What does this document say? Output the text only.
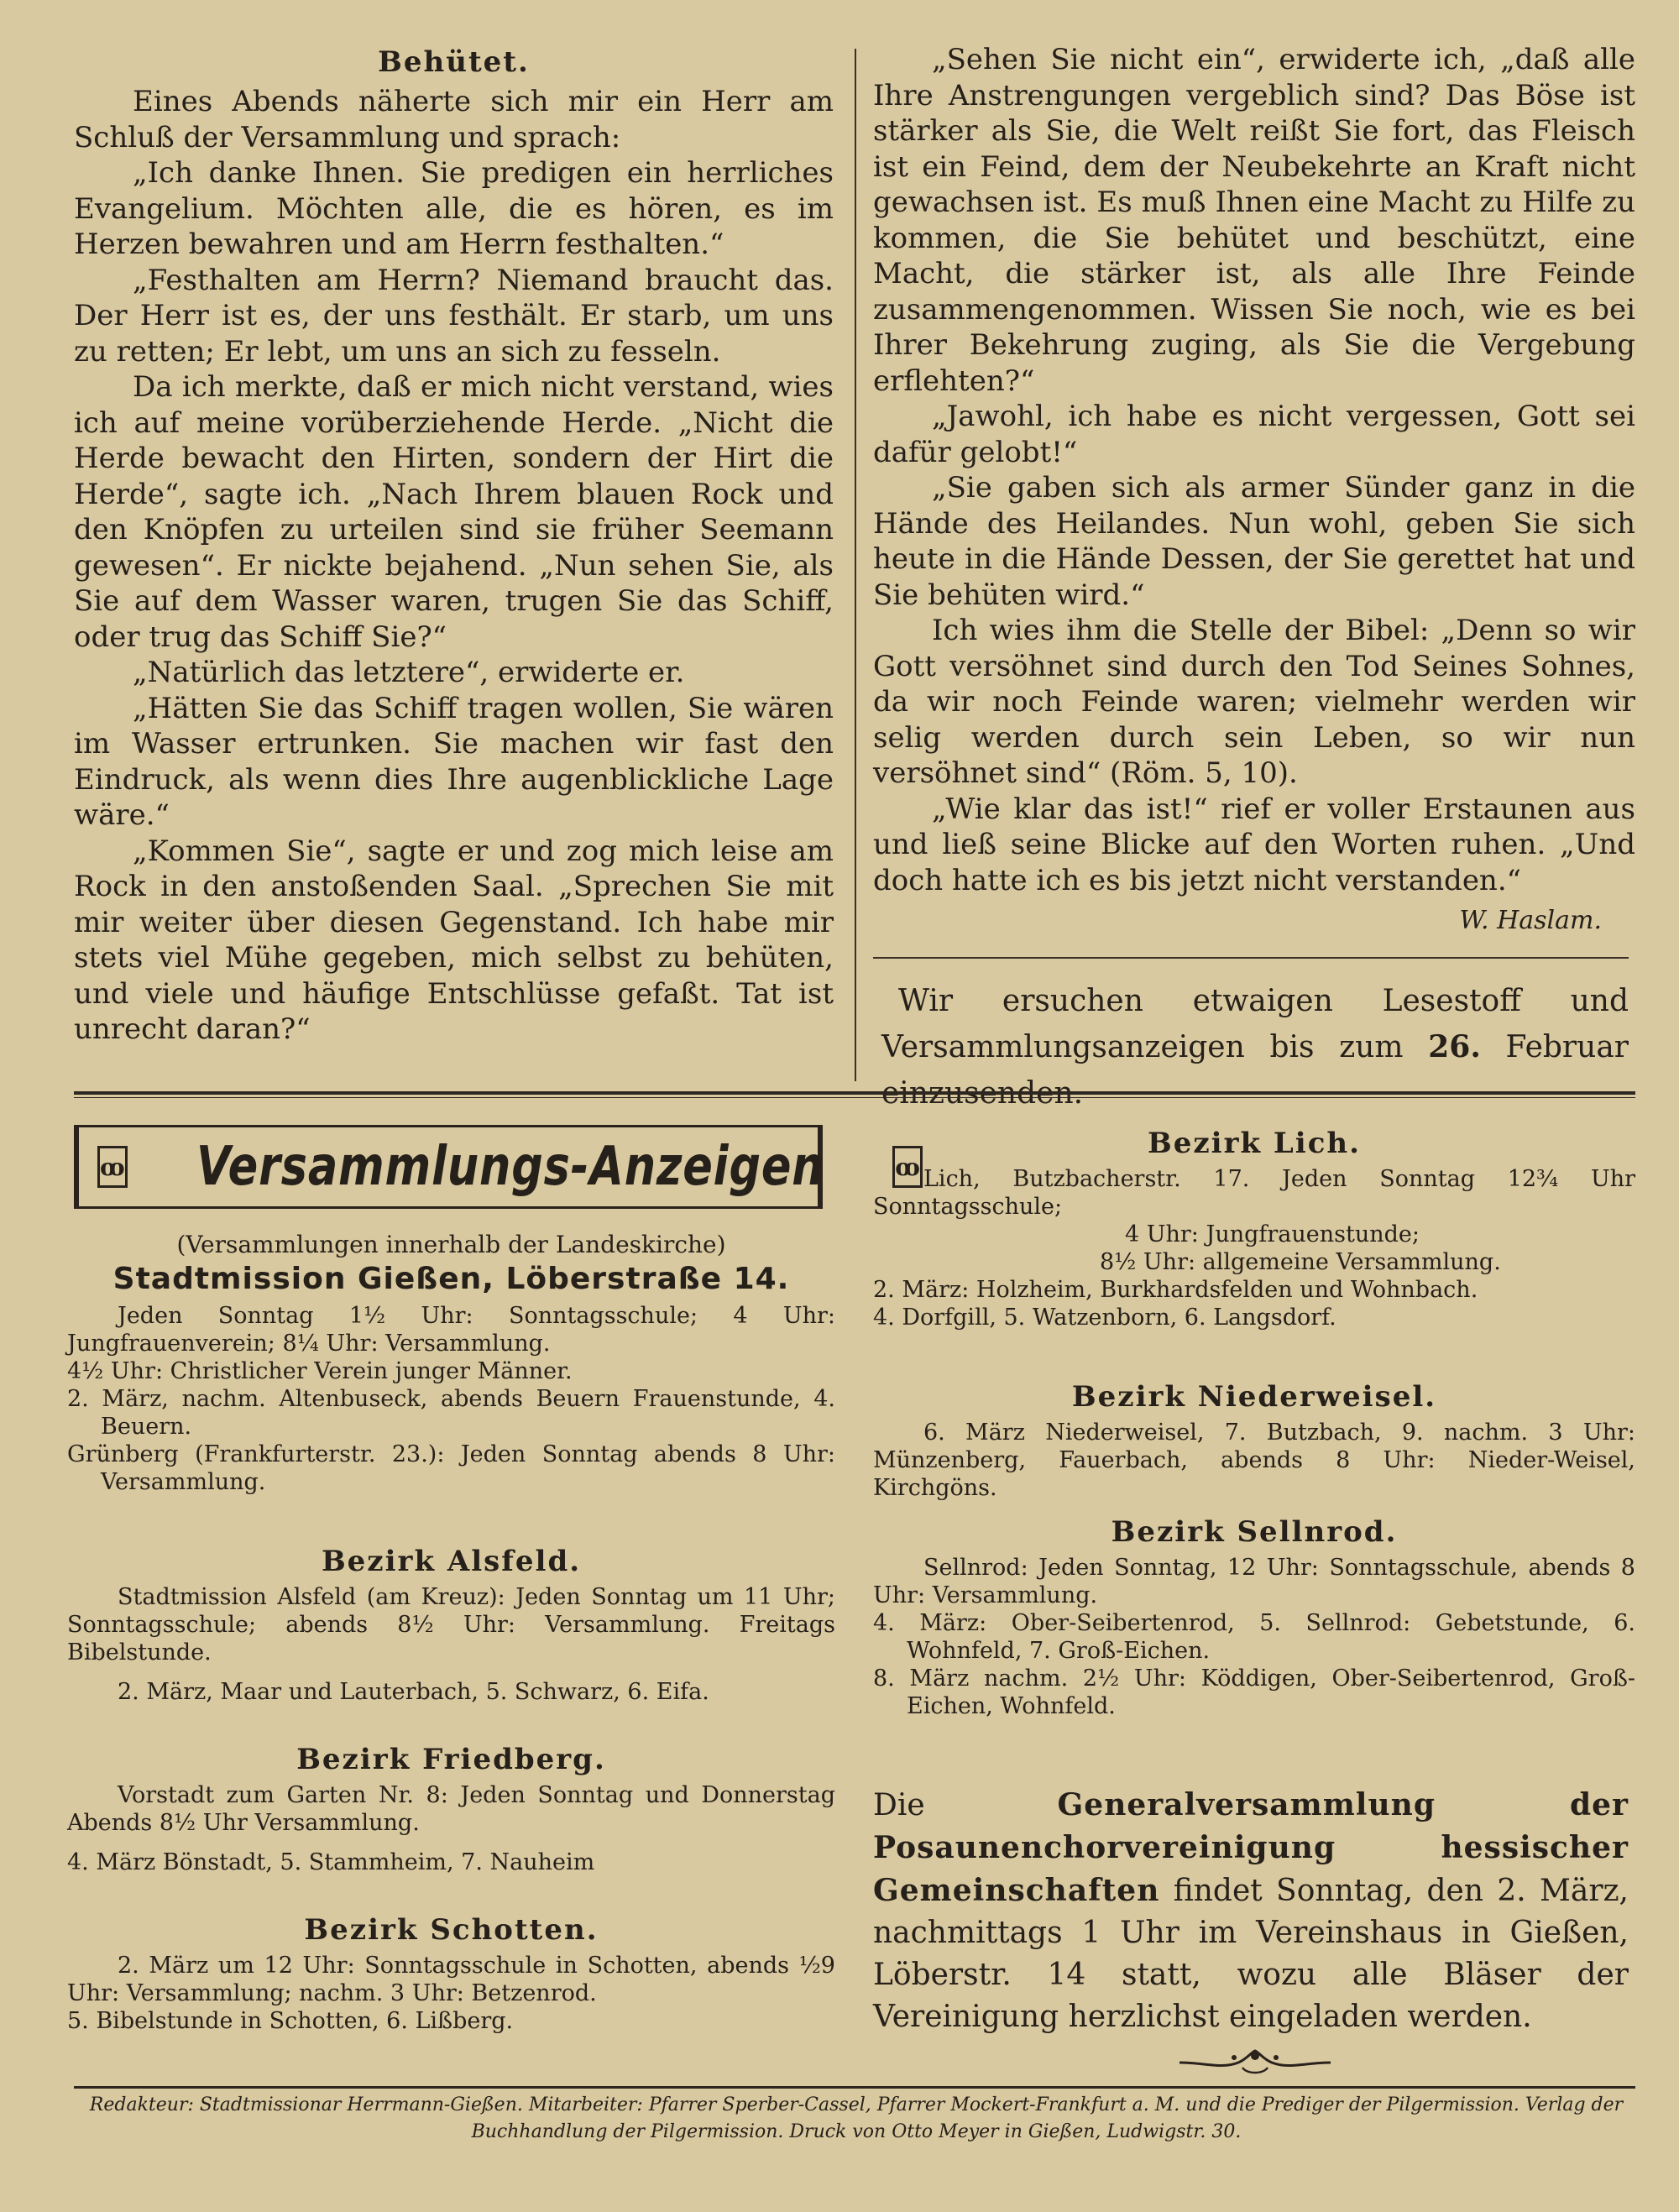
Behütet.

Eines Abends näherte sich mir ein Herr am Schluß der Versammlung und sprach:

„Ich danke Ihnen. Sie predigen ein herrliches Evangelium. Möchten alle, die es hören, es im Herzen bewahren und am Herrn festhalten.“

„Festhalten am Herrn? Niemand braucht das. Der Herr ist es, der uns festhält. Er starb, um uns zu retten; Er lebt, um uns an sich zu fesseln.

Da ich merkte, daß er mich nicht verstand, wies ich auf meine vorüberziehende Herde. „Nicht die Herde bewacht den Hirten, sondern der Hirt die Herde“, sagte ich. „Nach Ihrem blauen Rock und den Knöpfen zu urteilen sind sie früher Seemann gewesen“. Er nickte bejahend. „Nun sehen Sie, als Sie auf dem Wasser waren, trugen Sie das Schiff, oder trug das Schiff Sie?“

„Natürlich das letztere“, erwiderte er.

„Hätten Sie das Schiff tragen wollen, Sie wären im Wasser ertrunken. Sie machen wir fast den Eindruck, als wenn dies Ihre augenblickliche Lage wäre.“

„Kommen Sie“, sagte er und zog mich leise am Rock in den anstoßenden Saal. „Sprechen Sie mit mir weiter über diesen Gegenstand. Ich habe mir stets viel Mühe gegeben, mich selbst zu behüten, und viele und häufige Entschlüsse gefaßt. Tat ist unrecht daran?“

„Sehen Sie nicht ein“, erwiderte ich, „daß alle Ihre Anstrengungen vergeblich sind? Das Böse ist stärker als Sie, die Welt reißt Sie fort, das Fleisch ist ein Feind, dem der Neubekehrte an Kraft nicht gewachsen ist. Es muß Ihnen eine Macht zu Hilfe zu kommen, die Sie behütet und beschützt, eine Macht, die stärker ist, als alle Ihre Feinde zusammengenommen. Wissen Sie noch, wie es bei Ihrer Bekehrung zuging, als Sie die Vergebung erflehten?“

„Jawohl, ich habe es nicht vergessen, Gott sei dafür gelobt!“

„Sie gaben sich als armer Sünder ganz in die Hände des Heilandes. Nun wohl, geben Sie sich heute in die Hände Dessen, der Sie gerettet hat und Sie behüten wird.“

Ich wies ihm die Stelle der Bibel: „Denn so wir Gott versöhnet sind durch den Tod Seines Sohnes, da wir noch Feinde waren; vielmehr werden wir selig werden durch sein Leben, so wir nun versöhnet sind“ (Röm. 5, 10).

„Wie klar das ist!“ rief er voller Erstaunen aus und ließ seine Blicke auf den Worten ruhen. „Und doch hatte ich es bis jetzt nicht verstanden.“

W. Haslam.

Wir ersuchen etwaigen Lesestoff und Versammlungsanzeigen bis zum 26. Februar

ꝏ Versammlungs-Anzeigen	ꝏ

(Versammlungen innerhalb der Landeskirche)

Stadtmission Gießen, Löberstraße 14.

Jeden Sonntag 1½ Uhr: Sonntagsschule; 4 Uhr: Jungfrauenverein; 8¼ Uhr: Versammlung.

4½ Uhr: Christlicher Verein junger Männer.

2. März, nachm. Altenbuseck, abends Beuern Frauenstunde, 4. Beuern.

Grünberg (Frankfurterstr. 23.): Jeden Sonntag abends 8 Uhr: Versammlung.

Bezirk Alsfeld.

Stadtmission Alsfeld (am Kreuz): Jeden Sonntag um 11 Uhr; Sonntagsschule; abends 8½ Uhr: Versammlung. Freitags Bibelstunde.

2. März, Maar und Lauterbach, 5. Schwarz, 6. Eifa.

Bezirk Friedberg.

Vorstadt zum Garten Nr. 8: Jeden Sonntag und Donnerstag Abends 8½ Uhr Versammlung.

4. März Bönstadt, 5. Stammheim, 7. Nauheim

Bezirk Schotten.

2. März um 12 Uhr: Sonntagsschule in Schotten, abends ½9 Uhr: Versammlung; nachm. 3 Uhr: Betzenrod.

5. Bibelstunde in Schotten, 6. Lißberg.

Bezirk Lich.

Lich, Butzbacherstr. 17. Jeden Sonntag 12¾ Uhr Sonntagsschule;

4 Uhr: Jungfrauenstunde;

8½ Uhr: allgemeine Versammlung.

2. März: Holzheim, Burkhardsfelden und Wohnbach.

4. Dorfgill, 5. Watzenborn, 6. Langsdorf.

Bezirk Niederweisel.

6. März Niederweisel, 7. Butzbach, 9. nachm. 3 Uhr: Münzenberg, Fauerbach, abends 8 Uhr: Nieder-Weisel, Kirchgöns.

Bezirk Sellnrod.

Sellnrod: Jeden Sonntag, 12 Uhr: Sonntagsschule, abends 8 Uhr: Versammlung.

4. März: Ober-Seibertenrod, 5. Sellnrod: Gebetstunde, 6. Wohnfeld, 7. Groß-Eichen.

8. März nachm. 2½ Uhr: Köddigen, Ober-Seibertenrod, Groß-Eichen, Wohnfeld.

Die Generalversammlung der Posaunenchorvereinigung hessischer Gemeinschaften findet Sonntag, den 2. März, nachmittags 1 Uhr im Vereinshaus in Gießen, Löberstr. 14 statt, wozu alle Bläser der Vereinigung herzlichst eingeladen werden.

Redakteur: Stadtmissionar Herrmann-Gießen. Mitarbeiter: Pfarrer Sperber-Cassel, Pfarrer Mockert-Frankfurt a. M. und die Prediger der Pilgermission. Verlag der Buchhandlung der Pilgermission. Druck von Otto Meyer in Gießen, Ludwigstr. 30.
